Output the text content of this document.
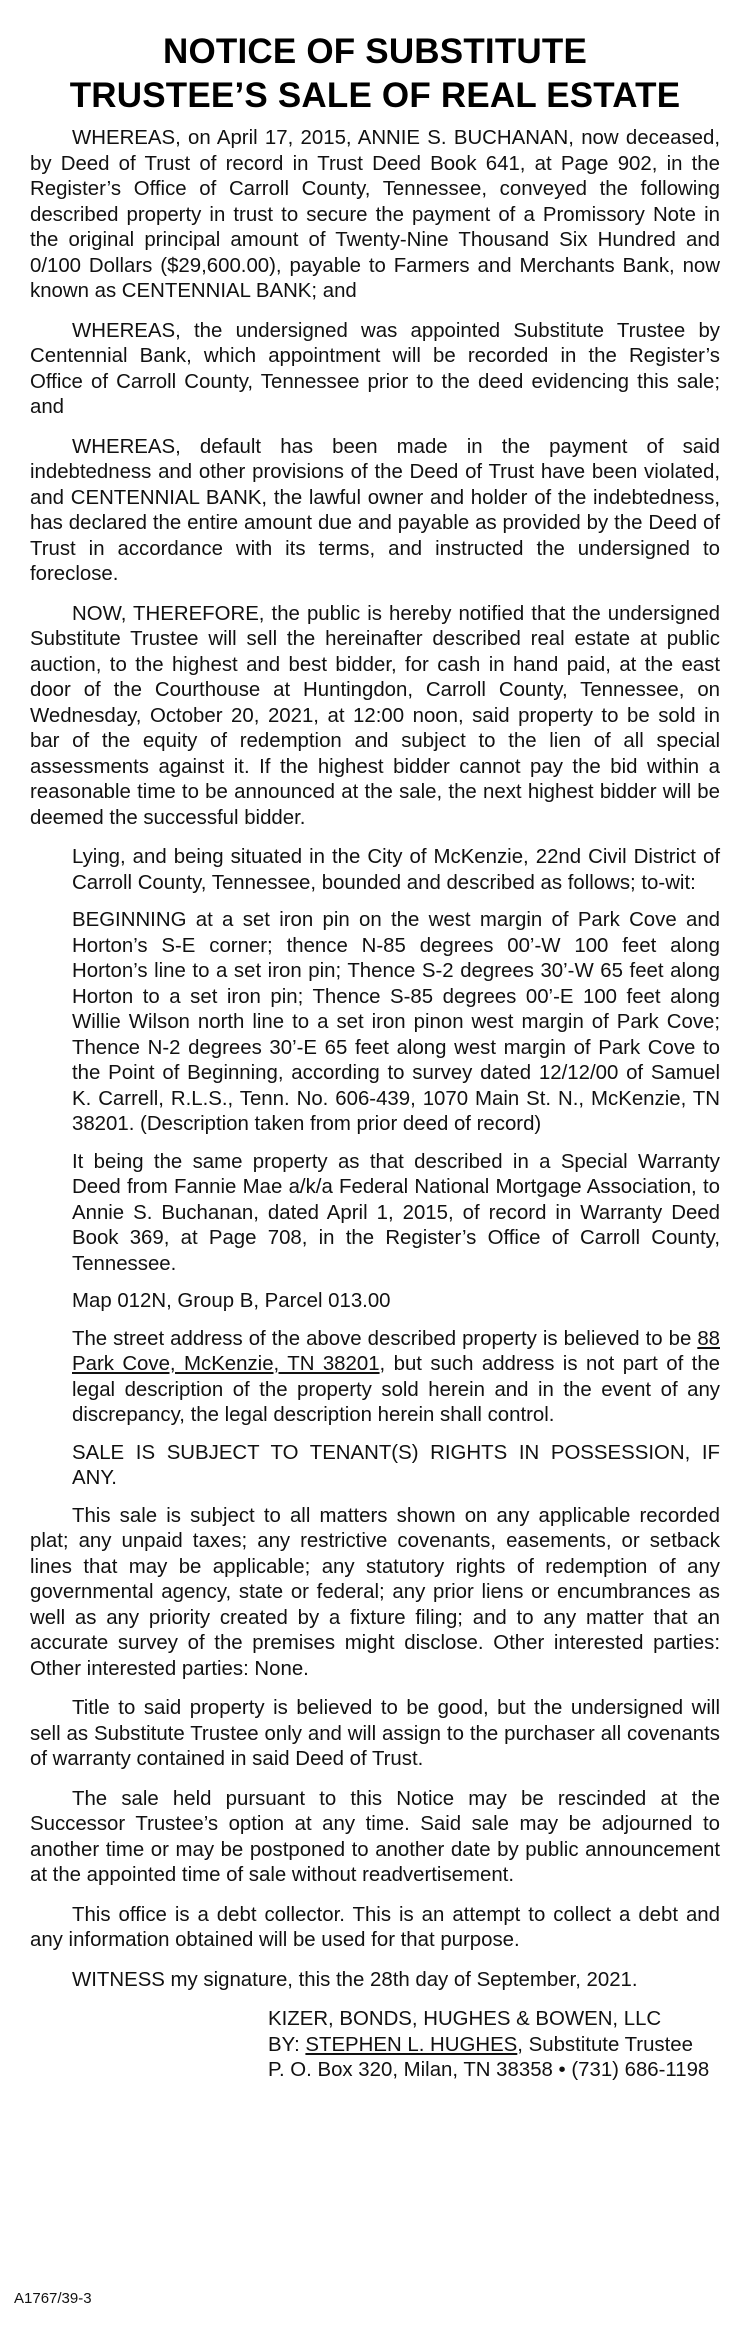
NOTICE OF SUBSTITUTE
TRUSTEE’S SALE OF REAL ESTATE

WHEREAS, on April 17, 2015, ANNIE S. BUCHANAN, now deceased, by Deed of Trust of record in Trust Deed Book 641, at Page 902, in the Register’s Office of Carroll County, Tennessee, conveyed the following described property in trust to secure the payment of a Promissory Note in the original principal amount of Twenty-Nine Thousand Six Hundred and 0/100 Dollars ($29,600.00), payable to Farmers and Merchants Bank, now known as CENTENNIAL BANK; and

WHEREAS, the undersigned was appointed Substitute Trustee by Centennial Bank, which appointment will be recorded in the Register’s Office of Carroll County, Tennessee prior to the deed evidencing this sale; and

WHEREAS, default has been made in the payment of said indebtedness and other provisions of the Deed of Trust have been violated, and CENTENNIAL BANK, the lawful owner and holder of the indebtedness, has declared the entire amount due and payable as provided by the Deed of Trust in accordance with its terms, and instructed the undersigned to foreclose.

NOW, THEREFORE, the public is hereby notified that the undersigned Substitute Trustee will sell the hereinafter described real estate at public auction, to the highest and best bidder, for cash in hand paid, at the east door of the Courthouse at Huntingdon, Carroll County, Tennessee, on Wednesday, October 20, 2021, at 12:00 noon, said property to be sold in bar of the equity of redemption and subject to the lien of all special assessments against it. If the highest bidder cannot pay the bid within a reasonable time to be announced at the sale, the next highest bidder will be deemed the successful bidder.

Lying, and being situated in the City of McKenzie, 22nd Civil District of Carroll County, Tennessee, bounded and described as follows; to-wit:

BEGINNING at a set iron pin on the west margin of Park Cove and Horton’s S-E corner; thence N-85 degrees 00’-W 100 feet along Horton’s line to a set iron pin; Thence S-2 degrees 30’-W 65 feet along Horton to a set iron pin; Thence S-85 degrees 00’-E 100 feet along Willie Wilson north line to a set iron pinon west margin of Park Cove; Thence N-2 degrees 30’-E 65 feet along west margin of Park Cove to the Point of Beginning, according to survey dated 12/12/00 of Samuel K. Carrell, R.L.S., Tenn. No. 606-439, 1070 Main St. N., McKenzie, TN 38201. (Description taken from prior deed of record)

It being the same property as that described in a Special Warranty Deed from Fannie Mae a/k/a Federal National Mortgage Association, to Annie S. Buchanan, dated April 1, 2015, of record in Warranty Deed Book 369, at Page 708, in the Register’s Office of Carroll County, Tennessee.

Map 012N, Group B, Parcel 013.00

The street address of the above described property is believed to be 88 Park Cove, McKenzie, TN 38201, but such address is not part of the legal description of the property sold herein and in the event of any discrepancy, the legal description herein shall control.

SALE IS SUBJECT TO TENANT(S) RIGHTS IN POSSESSION, IF ANY.

This sale is subject to all matters shown on any applicable recorded plat; any unpaid taxes; any restrictive covenants, easements, or setback lines that may be applicable; any statutory rights of redemption of any governmental agency, state or federal; any prior liens or encumbrances as well as any priority created by a fixture filing; and to any matter that an accurate survey of the premises might disclose. Other interested parties: Other interested parties: None.

Title to said property is believed to be good, but the undersigned will sell as Substitute Trustee only and will assign to the purchaser all covenants of warranty contained in said Deed of Trust.

The sale held pursuant to this Notice may be rescinded at the Successor Trustee’s option at any time. Said sale may be adjourned to another time or may be postponed to another date by public announcement at the appointed time of sale without readvertisement.

This office is a debt collector. This is an attempt to collect a debt and any information obtained will be used for that purpose.

WITNESS my signature, this the 28th day of September, 2021.

KIZER, BONDS, HUGHES & BOWEN, LLC

BY: STEPHEN L. HUGHES, Substitute Trustee

P. O. Box 320, Milan, TN 38358 • (731) 686-1198

A1767/39-3
